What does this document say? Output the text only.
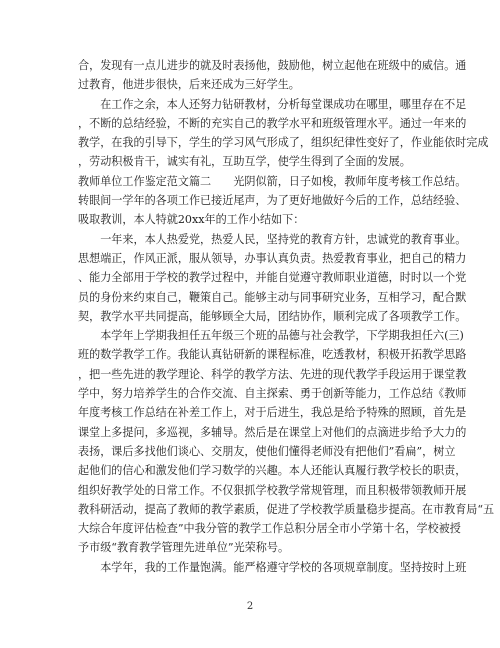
合，发现有一点儿进步的就及时表扬他，鼓励他，树立起他在班级中的威信。通
过教育，他进步很快，后来还成为三好学生。
　　在工作之余，本人还努力钻研教材，分析每堂课成功在哪里，哪里存在不足
，不断的总结经验，不断的充实自己的教学水平和班级管理水平。通过一年来的
教学，在我的引导下，学生的学习风气形成了，组织纪律性变好了，作业能依时完成
，劳动积极肯干，诚实有礼，互助互学，使学生得到了全面的发展。
教师单位工作鉴定范文篇二　　光阴似箭，日子如梭，教师年度考核工作总结。
转眼间一学年的各项工作已接近尾声，为了更好地做好今后的工作，总结经验、
吸取教训，本人特就20xx年的工作小结如下：
　　一年来，本人热爱党，热爱人民，坚持党的教育方针，忠诚党的教育事业。
思想端正，作风正派，服从领导，办事认真负责。热爱教育事业，把自己的精力
、能力全部用于学校的教学过程中，并能自觉遵守教师职业道德，时时以一个党
员的身份来约束自己，鞭策自己。能够主动与同事研究业务，互相学习，配合默
契，教学水平共同提高，能够顾全大局，团结协作，顺利完成了各项教学工作。
　　本学年上学期我担任五年级三个班的品德与社会教学，下学期我担任六(三)
班的数学教学工作。我能认真钻研新的课程标准，吃透教材，积极开拓教学思路
，把一些先进的教学理论、科学的教学方法、先进的现代教学手段运用于课堂教
学中，努力培养学生的合作交流、自主探索、勇于创新等能力，工作总结《教师
年度考核工作总结在补差工作上，对于后进生，我总是给予特殊的照顾，首先是
课堂上多提问，多巡视，多辅导。然后是在课堂上对他们的点滴进步给予大力的
表扬，课后多找他们谈心、交朋友，使他们懂得老师没有把他们”看扁”，树立
起他们的信心和激发他们学习数学的兴趣。本人还能认真履行教学校长的职责，
组织好教学处的日常工作。不仅狠抓学校教学常规管理，而且积极带领教师开展
教科研活动，提高了教师的教学素质，促进了学校教学质量稳步提高。在市教育局“五
大综合年度评估检查”中我分管的教学工作总积分居全市小学第十名，学校被授
予市级“教育教学管理先进单位”光荣称号。
　　本学年，我的工作量饱满。能严格遵守学校的各项规章制度。坚持按时上班
2
